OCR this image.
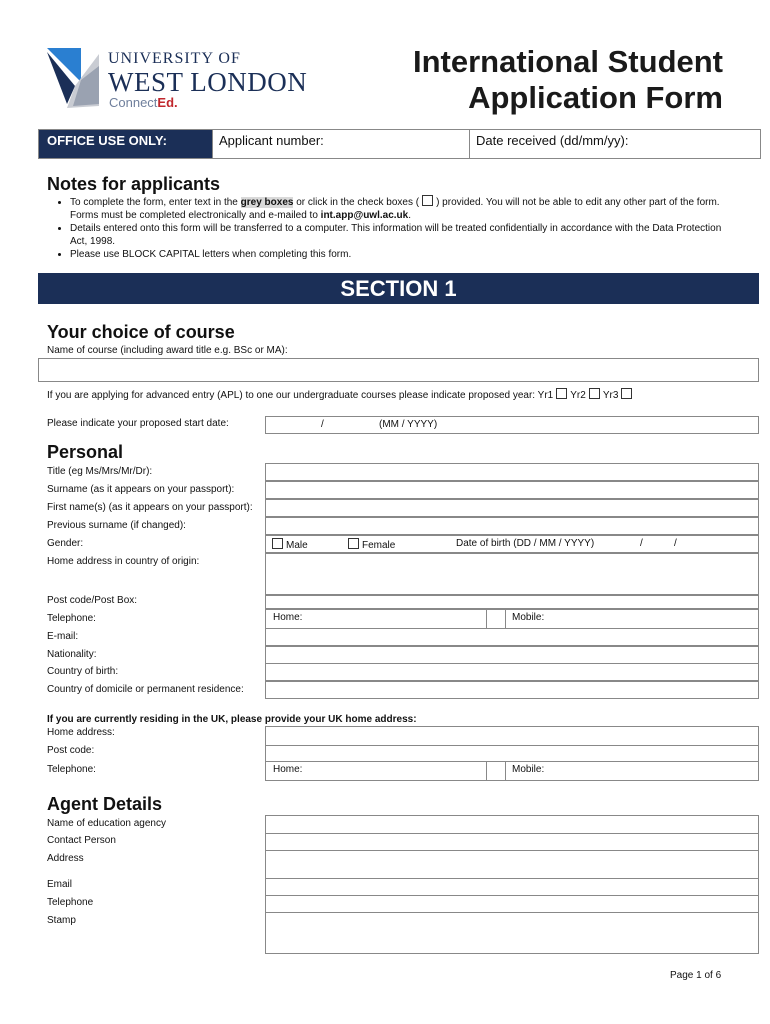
UNIVERSITY OF
WEST LONDON
ConnectEd.
International Student
Application Form
OFFICE USE ONLY:	Applicant number:	Date received (dd/mm/yy):
Notes for applicants
• To complete the form, enter text in the grey boxes or click in the check boxes ( ) provided. You will not be able to edit any other part of the form. Forms must be completed electronically and e-mailed to int.app@uwl.ac.uk.
• Details entered onto this form will be transferred to a computer. This information will be treated confidentially in accordance with the Data Protection Act, 1998.
• Please use BLOCK CAPITAL letters when completing this form.
SECTION 1
Your choice of course
Name of course (including award title e.g. BSc or MA):
If you are applying for advanced entry (APL) to one our undergraduate courses please indicate proposed year: Yr1 Yr2 Yr3
Please indicate your proposed start date:	/	(MM / YYYY)
Personal
Title (eg Ms/Mrs/Mr/Dr):
Surname (as it appears on your passport):
First name(s) (as it appears on your passport):
Previous surname (if changed):
Gender:	Male	Female	Date of birth (DD / MM / YYYY)	/	/
Home address in country of origin:
Post code/Post Box:
Telephone:	Home:	Mobile:
E-mail:
Nationality:
Country of birth:
Country of domicile or permanent residence:
If you are currently residing in the UK, please provide your UK home address:
Home address:
Post code:
Telephone:	Home:	Mobile:
Agent Details
Name of education agency
Contact Person
Address
Email
Telephone
Stamp
Page 1 of 6
